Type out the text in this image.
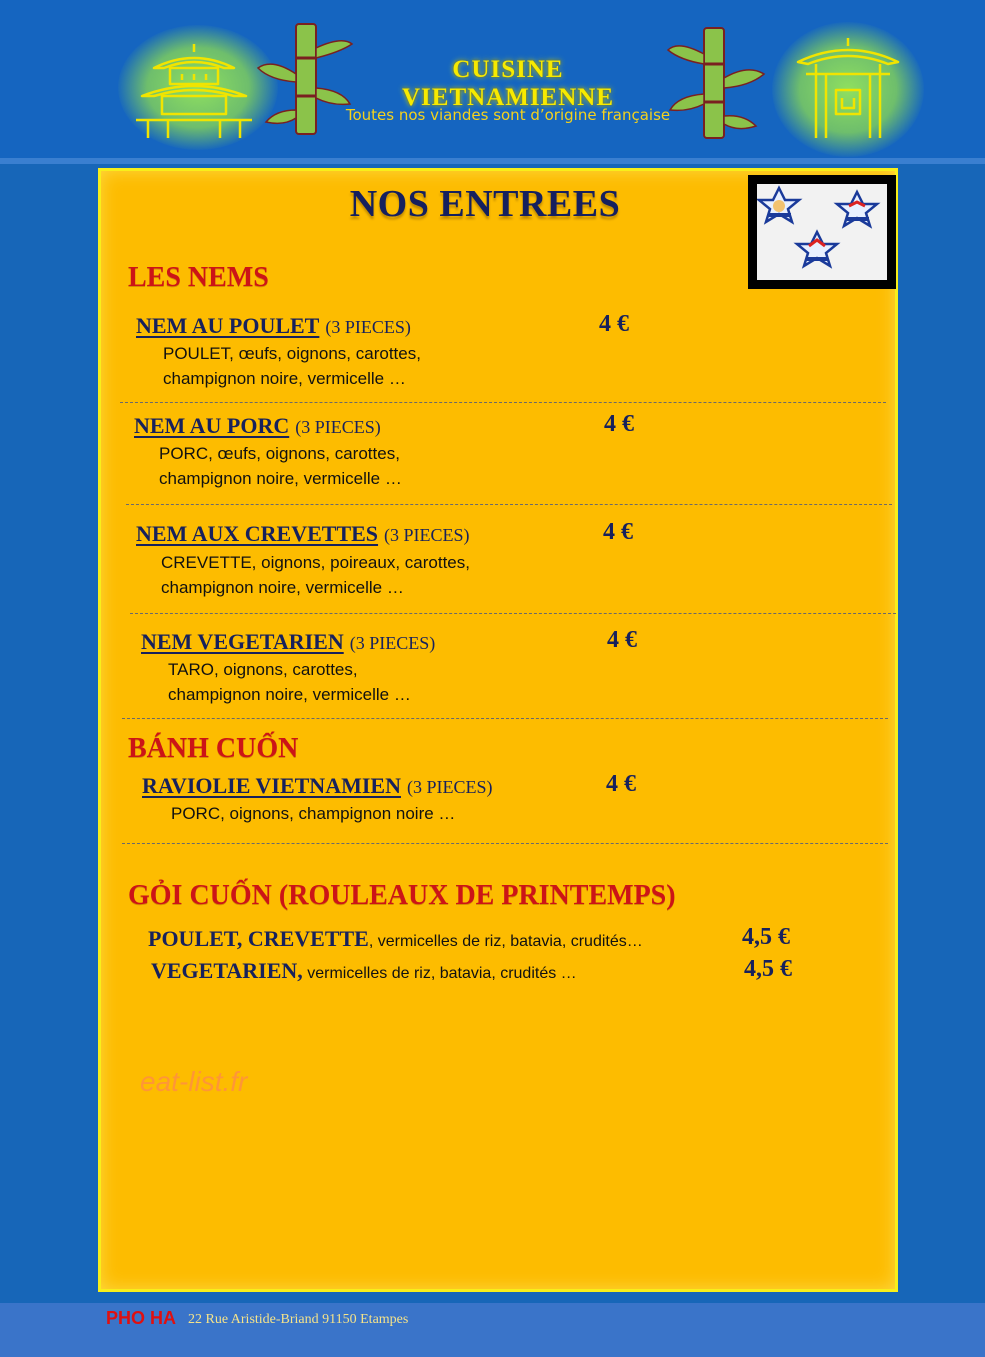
CUISINE VIETNAMIENNE
Toutes nos viandes sont d’origine française
NOS ENTREES
LES NEMS
NEM AU POULET (3 PIECES)	4 €
POULET, œufs, oignons, carottes,
champignon noire, vermicelle …
NEM AU PORC (3 PIECES)	4 €
PORC, œufs, oignons, carottes,
champignon noire, vermicelle …
NEM AUX CREVETTES (3 PIECES)	4 €
CREVETTE, oignons, poireaux, carottes,
champignon noire, vermicelle …
NEM VEGETARIEN (3 PIECES)	4 €
TARO, oignons, carottes,
champignon noire, vermicelle …
BÁNH CUỐN
RAVIOLIE VIETNAMIEN (3 PIECES)	4 €
PORC, oignons, champignon noire …
GỎI CUỐN (ROULEAUX DE PRINTEMPS)
POULET, CREVETTE, vermicelles de riz, batavia, crudités…	4,5 €
VEGETARIEN, vermicelles de riz, batavia, crudités …	4,5 €
eat-list.fr
PHO HA 22 Rue Aristide-Briand 91150 Etampes
